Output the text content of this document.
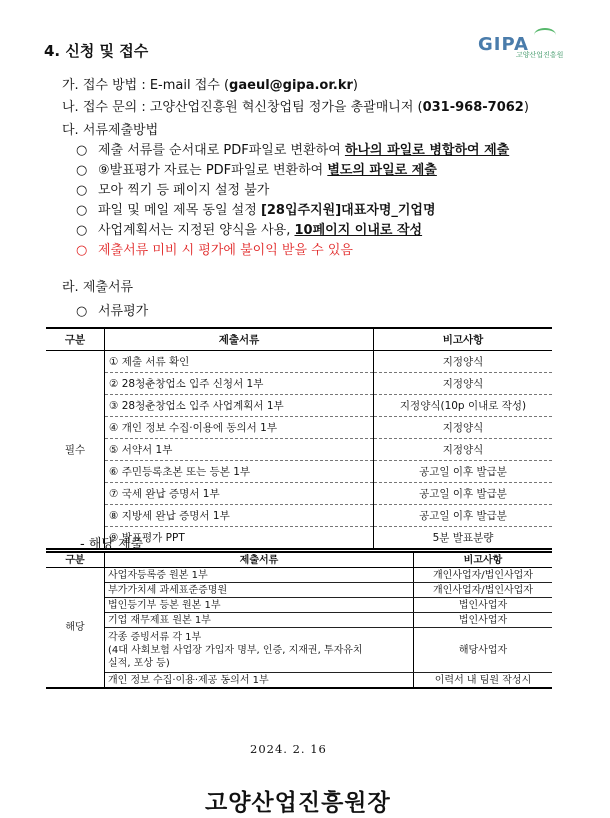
GIPA
고양산업진흥원
4. 신청 및 접수
가. 접수 방법 : E-mail 접수 (gaeul@gipa.or.kr)
나. 접수 문의 : 고양산업진흥원 혁신창업팀 정가을 총괄매니저 (031-968-7062)
다. 서류제출방법
○ 제출 서류를 순서대로 PDF파일로 변환하여 하나의 파일로 병합하여 제출
○ ⑨발표평가 자료는 PDF파일로 변환하여 별도의 파일로 제출
○ 모아 찍기 등 페이지 설정 불가
○ 파일 및 메일 제목 동일 설정 [28입주지원]대표자명_기업명
○ 사업계획서는 지정된 양식을 사용, 10페이지 이내로 작성
○ 제출서류 미비 시 평가에 불이익 받을 수 있음
라. 제출서류
○ 서류평가
구분	제출서류	비고사항
필수	① 제출 서류 확인	지정양식
	② 28청춘창업소 입주 신청서 1부	지정양식
	③ 28청춘창업소 입주 사업계획서 1부	지정양식(10p 이내로 작성)
	④ 개인 정보 수집·이용에 동의서 1부	지정양식
	⑤ 서약서 1부	지정양식
	⑥ 주민등록초본 또는 등본 1부	공고일 이후 발급분
	⑦ 국세 완납 증명서 1부	공고일 이후 발급분
	⑧ 지방세 완납 증명서 1부	공고일 이후 발급분
	⑨ 발표평가 PPT	5분 발표분량
- 해당 제출
구분	제출서류	비고사항
해당	사업자등록증 원본 1부	개인사업자/법인사업자
	부가가치세 과세표준증명원	개인사업자/법인사업자
	법인등기부 등본 원본 1부	법인사업자
	기업 재무제표 원본 1부	법인사업자
	각종 증빙서류 각 1부
(4대 사회보험 사업장 가입자 명부, 인증, 지재권, 투자유치
실적, 포상 등)	해당사업자
	개인 정보 수집·이용·제공 동의서 1부	이력서 내 팀원 작성시
2024. 2. 16
고양산업진흥원장
